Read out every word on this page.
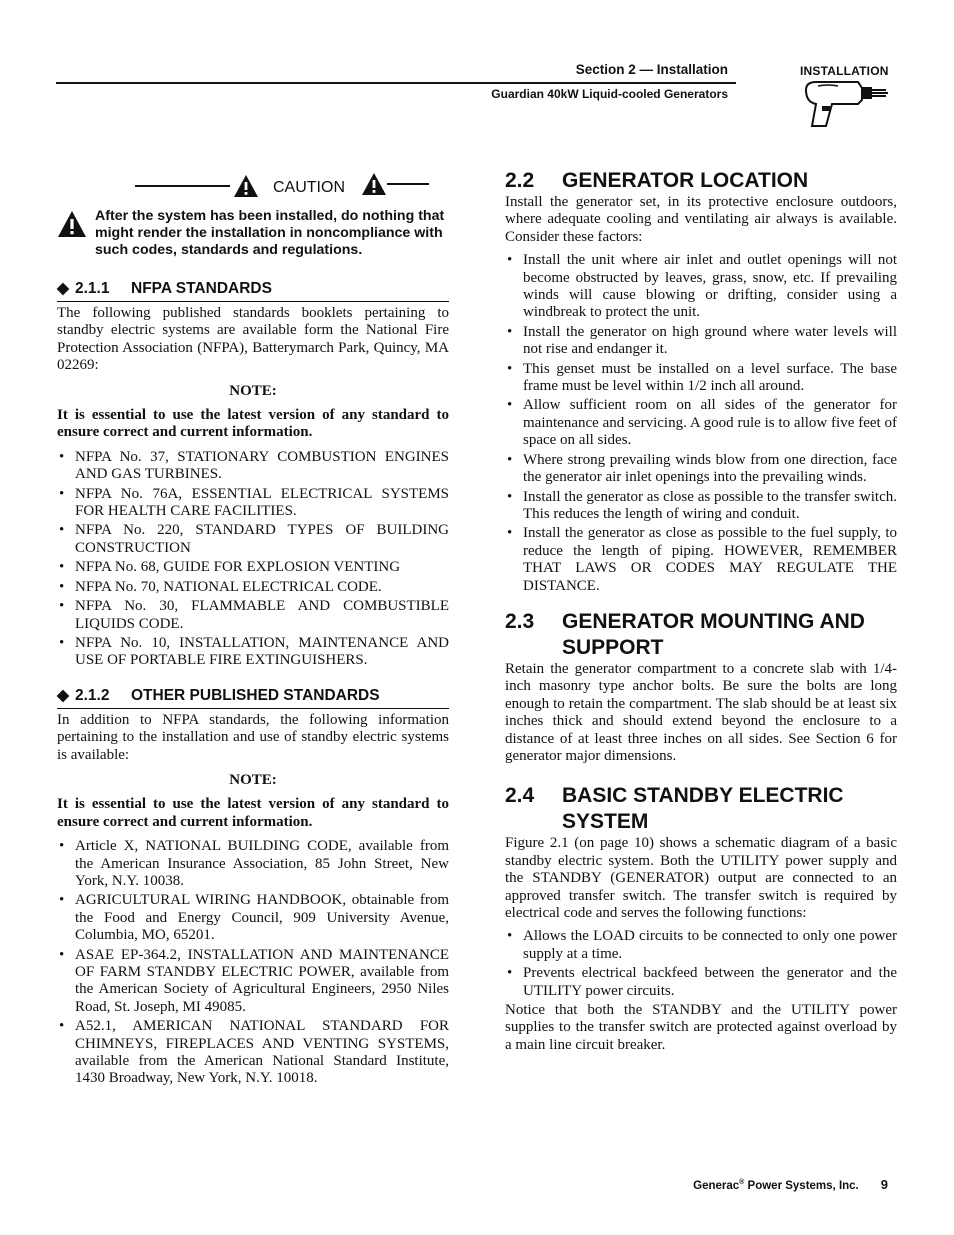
Section 2 — Installation
Guardian 40kW Liquid-cooled Generators
INSTALLATION
CAUTION
After the system has been installed, do nothing that might render the installation in noncompliance with such codes, standards and regulations.
◆ 2.1.1 NFPA STANDARDS

The following published standards booklets pertaining to standby electric systems are available form the National Fire Protection Association (NFPA), Batterymarch Park, Quincy, MA 02269:

NOTE:

It is essential to use the latest version of any standard to ensure correct and current information.

• NFPA No. 37, STATIONARY COMBUSTION ENGINES AND GAS TURBINES.
• NFPA No. 76A, ESSENTIAL ELECTRICAL SYSTEMS FOR HEALTH CARE FACILITIES.
• NFPA No. 220, STANDARD TYPES OF BUILDING CONSTRUCTION
• NFPA No. 68, GUIDE FOR EXPLOSION VENTING
• NFPA No. 70, NATIONAL ELECTRICAL CODE.
• NFPA No. 30, FLAMMABLE AND COMBUSTIBLE LIQUIDS CODE.
• NFPA No. 10, INSTALLATION, MAINTENANCE AND USE OF PORTABLE FIRE EXTINGUISHERS.
◆ 2.1.2 OTHER PUBLISHED STANDARDS

In addition to NFPA standards, the following information pertaining to the installation and use of standby electric systems is available:

NOTE:

It is essential to use the latest version of any standard to ensure correct and current information.

• Article X, NATIONAL BUILDING CODE, available from the American Insurance Association, 85 John Street, New York, N.Y. 10038.
• AGRICULTURAL WIRING HANDBOOK, obtainable from the Food and Energy Council, 909 University Avenue, Columbia, MO, 65201.
• ASAE EP-364.2, INSTALLATION AND MAINTENANCE OF FARM STANDBY ELECTRIC POWER, available from the American Society of Agricultural Engineers, 2950 Niles Road, St. Joseph, MI 49085.
• A52.1, AMERICAN NATIONAL STANDARD FOR CHIMNEYS, FIREPLACES AND VENTING SYSTEMS, available from the American National Standard Institute, 1430 Broadway, New York, N.Y. 10018.
2.2	GENERATOR LOCATION

Install the generator set, in its protective enclosure outdoors, where adequate cooling and ventilating air always is available. Consider these factors:

• Install the unit where air inlet and outlet openings will not become obstructed by leaves, grass, snow, etc. If prevailing winds will cause blowing or drifting, consider using a windbreak to protect the unit.
• Install the generator on high ground where water levels will not rise and endanger it.
• This genset must be installed on a level surface. The base frame must be level within 1/2 inch all around.
• Allow sufficient room on all sides of the generator for maintenance and servicing. A good rule is to allow five feet of space on all sides.
• Where strong prevailing winds blow from one direction, face the generator air inlet openings into the prevailing winds.
• Install the generator as close as possible to the transfer switch. This reduces the length of wiring and conduit.
• Install the generator as close as possible to the fuel supply, to reduce the length of piping. HOWEVER, REMEMBER THAT LAWS OR CODES MAY REGULATE THE DISTANCE.
2.3	GENERATOR MOUNTING AND SUPPORT

Retain the generator compartment to a concrete slab with 1/4-inch masonry type anchor bolts. Be sure the bolts are long enough to retain the compartment. The slab should be at least six inches thick and should extend beyond the enclosure to a distance of at least three inches on all sides. See Section 6 for generator major dimensions.

2.4	BASIC STANDBY ELECTRIC SYSTEM

Figure 2.1 (on page 10) shows a schematic diagram of a basic standby electric system. Both the UTILITY power supply and the STANDBY (GENERATOR) output are connected to an approved transfer switch. The transfer switch is required by electrical code and serves the following functions:

• Allows the LOAD circuits to be connected to only one power supply at a time.
• Prevents electrical backfeed between the generator and the UTILITY power circuits.

Notice that both the STANDBY and the UTILITY power supplies to the transfer switch are protected against overload by a main line circuit breaker.

Generac® Power Systems, Inc. 9
